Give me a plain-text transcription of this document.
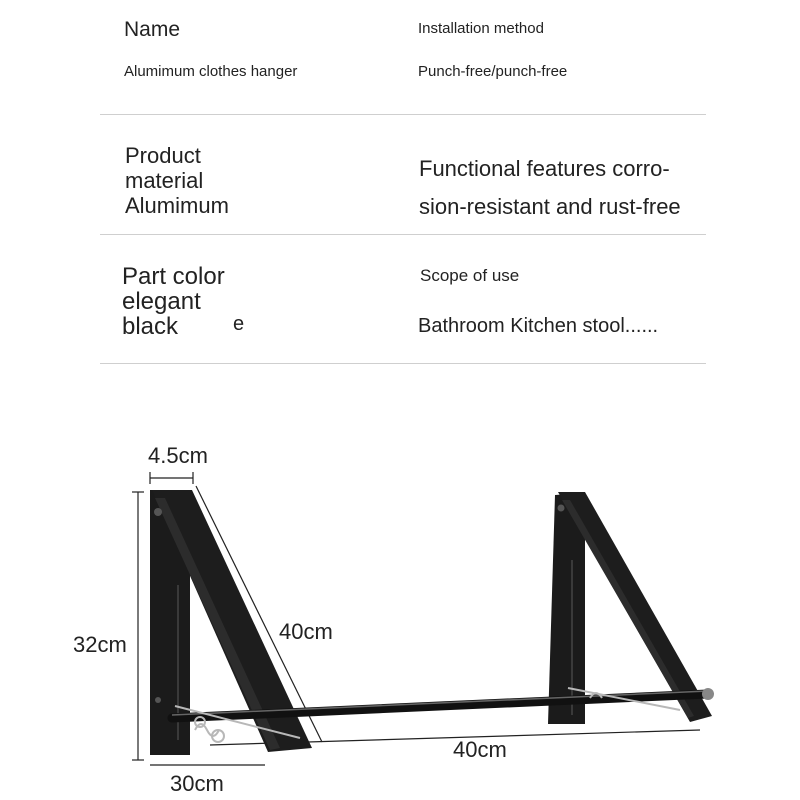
Name
Alumimum clothes hanger
Installation method
Punch-free/punch-free
Product
material
Alumimum
Functional features corro-
sion-resistant and rust-free
Part color
elegant
black	e
Scope of use
Bathroom Kitchen stool......
4.5cm
32cm
40cm
40cm
30cm
